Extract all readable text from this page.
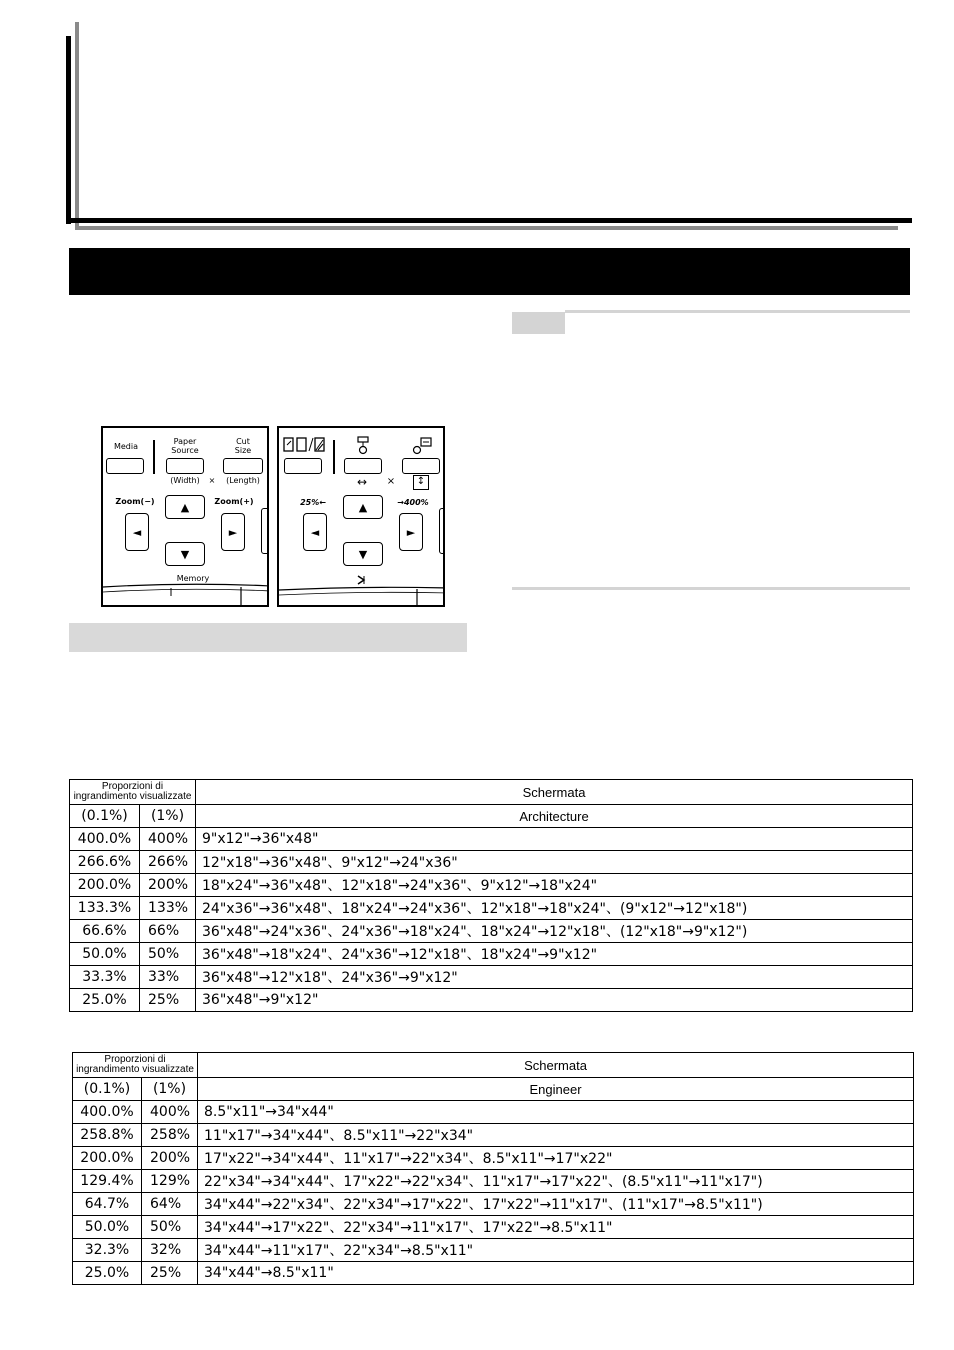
Media
Paper Source
Cut Size
(Width)	×	(Length)
Zoom(−)	Zoom(+)
▲
◄	►
▼
Memory
↔ ×	↕
25%←	→400%
▲
◄	►
▼
Proporzioni di ingrandimento visualizzate		Schermata
(0.1%)	(1%)	Architecture
400.0%	400%	9"x12"→36"x48"
266.6%	266%	12"x18"→36"x48"、9"x12"→24"x36"
200.0%	200%	18"x24"→36"x48"、12"x18"→24"x36"、9"x12"→18"x24"
133.3%	133%	24"x36"→36"x48"、18"x24"→24"x36"、12"x18"→18"x24"、(9"x12"→12"x18")
66.6%	66%	36"x48"→24"x36"、24"x36"→18"x24"、18"x24"→12"x18"、(12"x18"→9"x12")
50.0%	50%	36"x48"→18"x24"、24"x36"→12"x18"、18"x24"→9"x12"
33.3%	33%	36"x48"→12"x18"、24"x36"→9"x12"
25.0%	25%	36"x48"→9"x12"
Proporzioni di ingrandimento visualizzate		Schermata
(0.1%)	(1%)	Engineer
400.0%	400%	8.5"x11"→34"x44"
258.8%	258%	11"x17"→34"x44"、8.5"x11"→22"x34"
200.0%	200%	17"x22"→34"x44"、11"x17"→22"x34"、8.5"x11"→17"x22"
129.4%	129%	22"x34"→34"x44"、17"x22"→22"x34"、11"x17"→17"x22"、(8.5"x11"→11"x17")
64.7%	64%	34"x44"→22"x34"、22"x34"→17"x22"、17"x22"→11"x17"、(11"x17"→8.5"x11")
50.0%	50%	34"x44"→17"x22"、22"x34"→11"x17"、17"x22"→8.5"x11"
32.3%	32%	34"x44"→11"x17"、22"x34"→8.5"x11"
25.0%	25%	34"x44"→8.5"x11"
